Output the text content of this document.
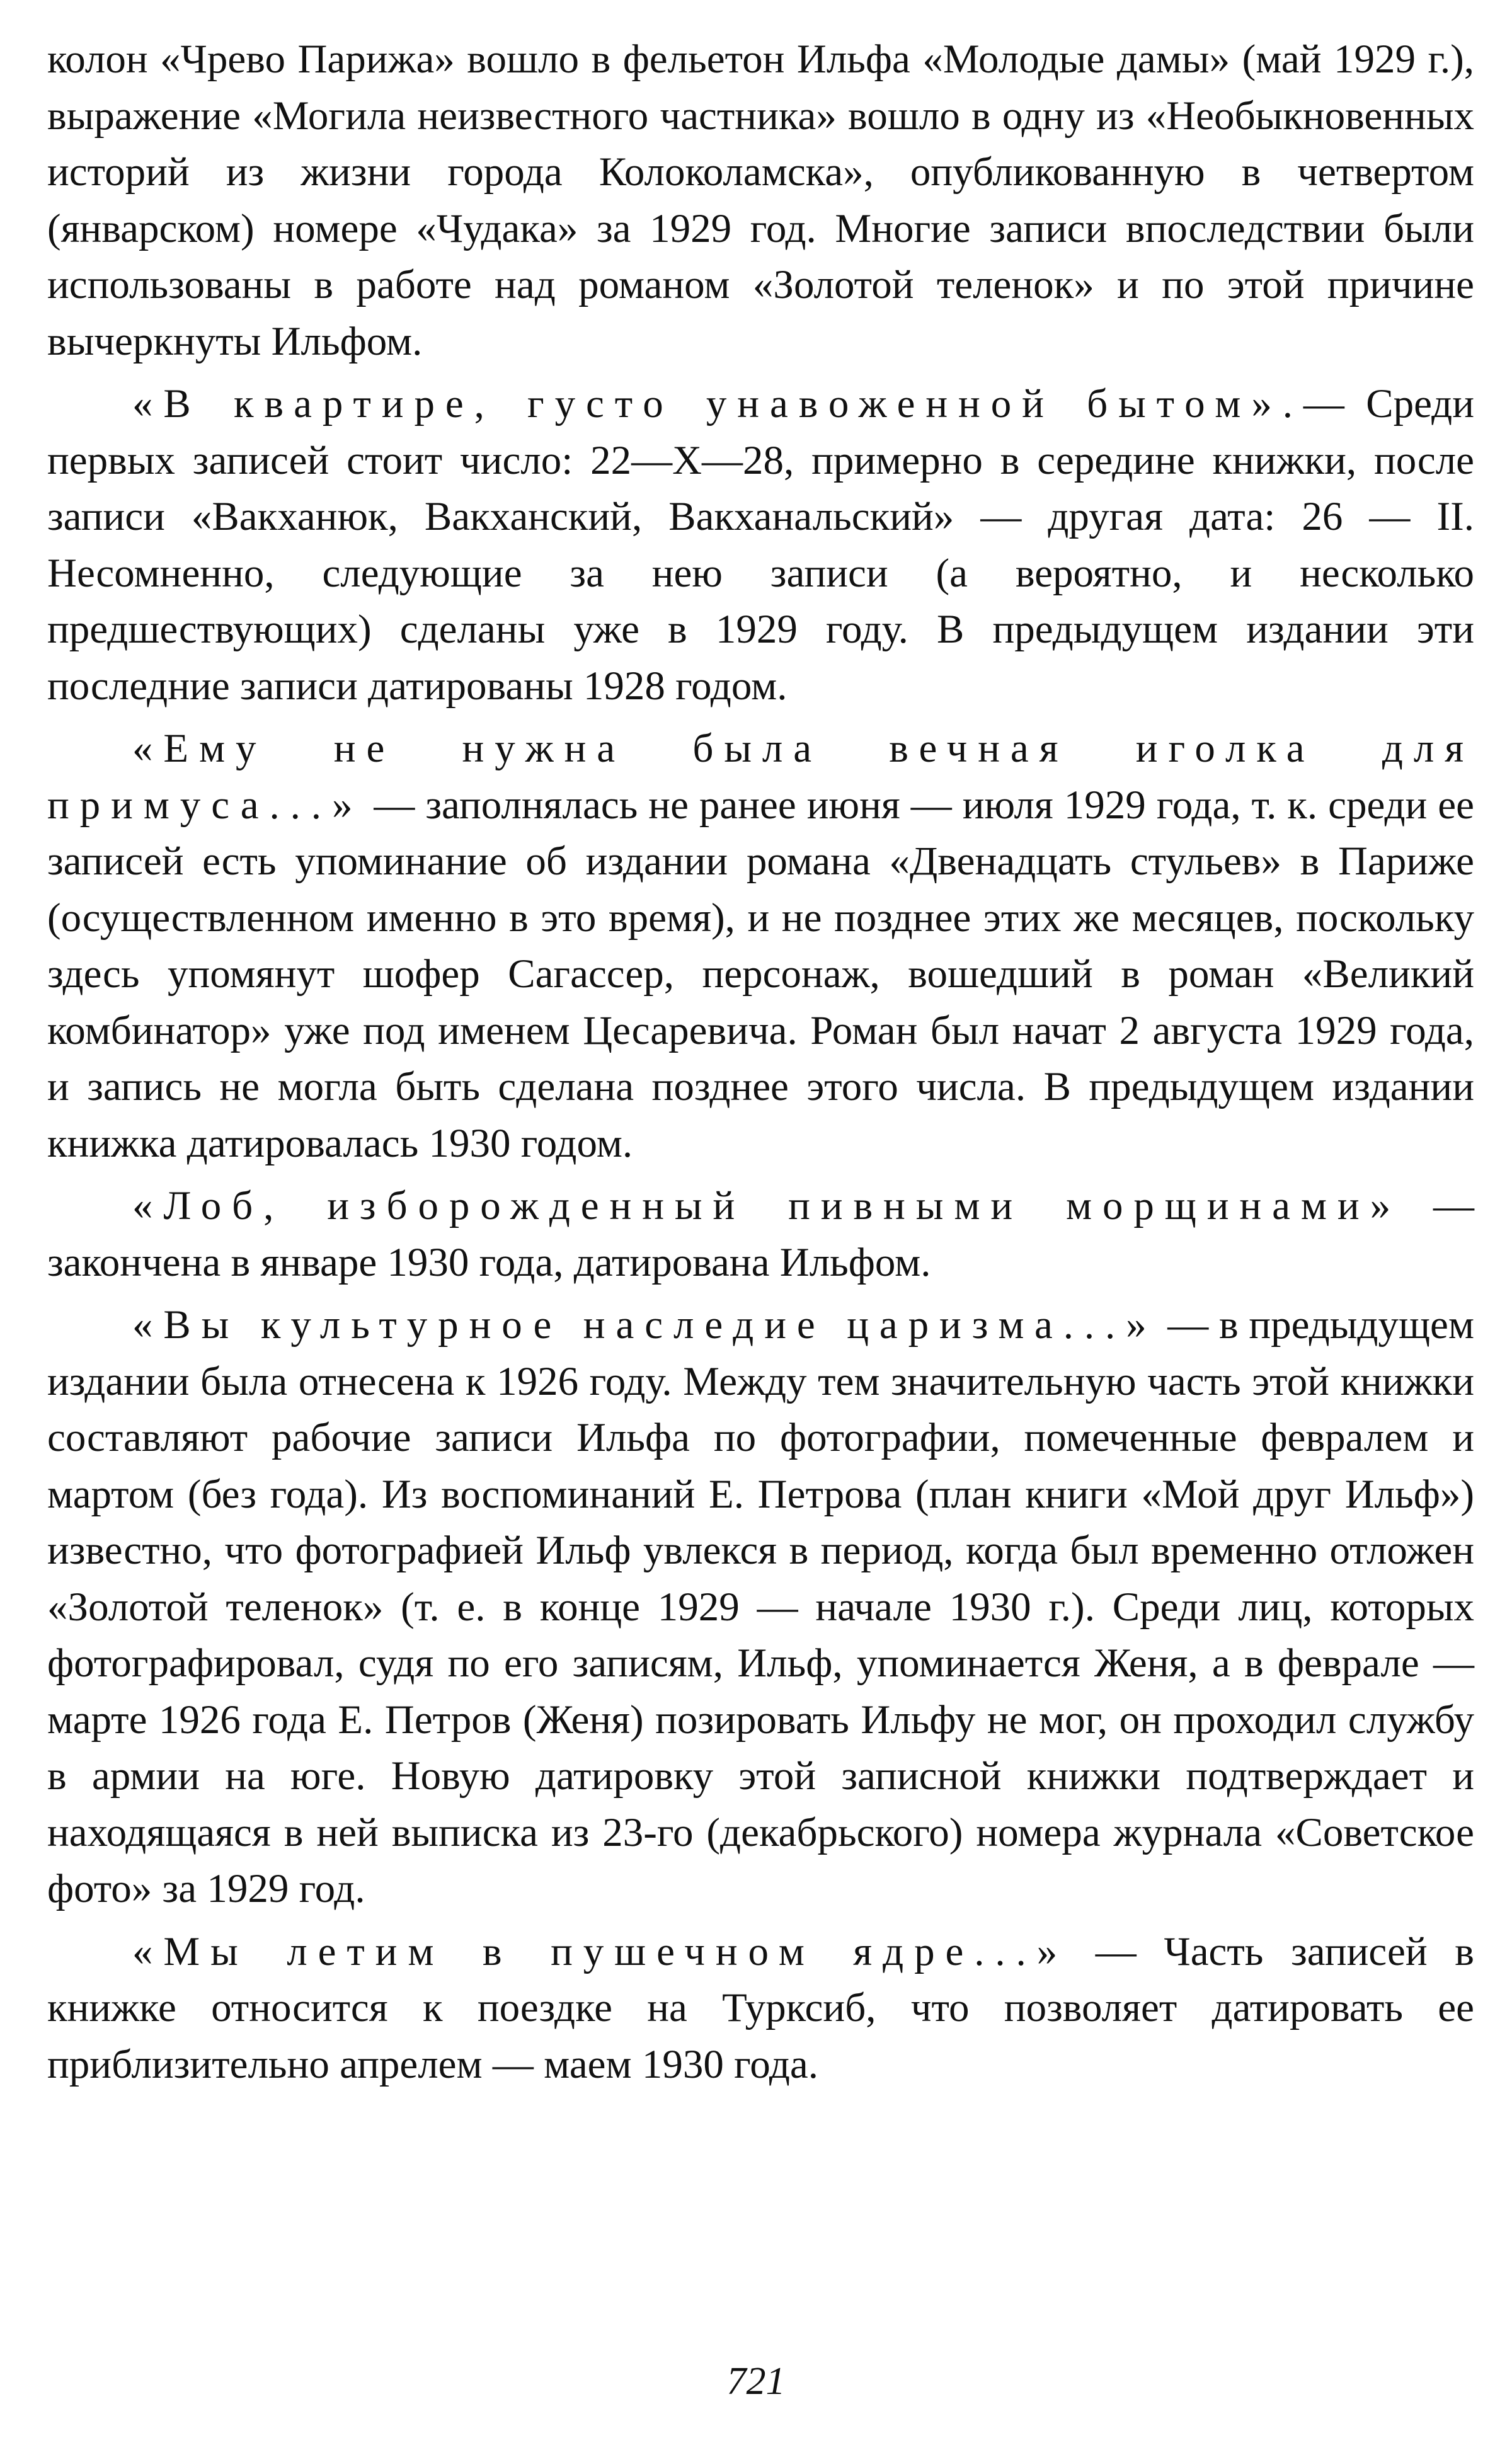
колон «Чрево Парижа» вошло в фельетон Ильфа «Молодые дамы» (май 1929 г.), выражение «Могила неизвестного частника» вошло в одну из «Необыкновенных историй из жизни города Колоколамска», опубликованную в четвертом (январском) номере «Чудака» за 1929 год. Многие записи впоследствии были использованы в работе над романом «Золотой теленок» и по этой причине вычеркнуты Ильфом.

«В квартире, густо унавоженной бытом».— Среди первых записей стоит число: 22—X—28, примерно в середине книжки, после записи «Вакханюк, Вакханский, Вакханальский» — другая дата: 26 — II. Несомненно, следующие за нею записи (а вероятно, и несколько предшествующих) сделаны уже в 1929 году. В предыдущем издании эти последние записи датированы 1928 годом.

«Ему не нужна была вечная иголка для примуса...» — заполнялась не ранее июня — июля 1929 года, т. к. среди ее записей есть упоминание об издании романа «Двенадцать стульев» в Париже (осуществленном именно в это время), и не позднее этих же месяцев, поскольку здесь упомянут шофер Сагассер, персонаж, вошедший в роман «Великий комбинатор» уже под именем Цесаревича. Роман был начат 2 августа 1929 года, и запись не могла быть сделана позднее этого числа. В предыдущем издании книжка датировалась 1930 годом.

«Лоб, изборожденный пивными морщинами» — закончена в январе 1930 года, датирована Ильфом.

«Вы культурное наследие царизма...» — в предыдущем издании была отнесена к 1926 году. Между тем значительную часть этой книжки составляют рабочие записи Ильфа по фотографии, помеченные февралем и мартом (без года). Из воспоминаний Е. Петрова (план книги «Мой друг Ильф») известно, что фотографией Ильф увлекся в период, когда был временно отложен «Золотой теленок» (т. е. в конце 1929 — начале 1930 г.). Среди лиц, которых фотографировал, судя по его записям, Ильф, упоминается Женя, а в феврале — марте 1926 года Е. Петров (Женя) позировать Ильфу не мог, он проходил службу в армии на юге. Новую датировку этой записной книжки подтверждает и находящаяся в ней выписка из 23-го (декабрьского) номера журнала «Советское фото» за 1929 год.

«Мы летим в пушечном ядре...» — Часть записей в книжке относится к поездке на Турксиб, что позволяет датировать ее приблизительно апрелем — маем 1930 года.

721
